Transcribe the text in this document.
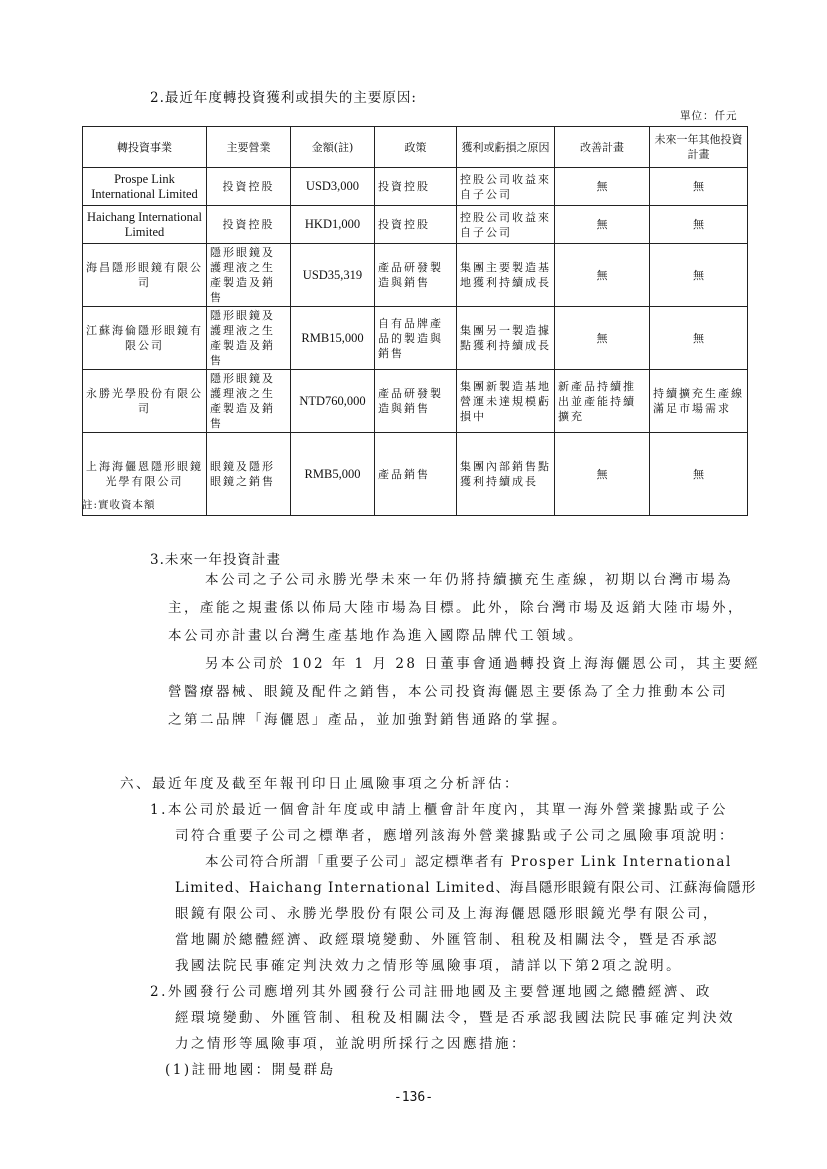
2.最近年度轉投資獲利或損失的主要原因:
單位：仟元
轉投資事業	主要營業	金額(註)	政策	獲利或虧損之原因	改善計畫	未來一年其他投資計畫
Prospe Link International Limited	投資控股	USD3,000	投資控股	控股公司收益來自子公司	無	無
Haichang International Limited	投資控股	HKD1,000	投資控股	控股公司收益來自子公司	無	無
海昌隱形眼鏡有限公司	隱形眼鏡及護理液之生產製造及銷售	USD35,319	產品研發製造與銷售	集團主要製造基地獲利持續成長	無	無
江蘇海倫隱形眼鏡有限公司	隱形眼鏡及護理液之生產製造及銷售	RMB15,000	自有品牌產品的製造與銷售	集團另一製造據點獲利持續成長	無	無
永勝光學股份有限公司	隱形眼鏡及護理液之生產製造及銷售	NTD760,000	產品研發製造與銷售	集團新製造基地營運未達規模虧損中	新產品持續推出並產能持續擴充	持續擴充生產線滿足市場需求
上海海儷恩隱形眼鏡光學有限公司	眼鏡及隱形眼鏡之銷售	RMB5,000	產品銷售	集團內部銷售點獲利持續成長	無	無
註:實收資本額
3.未來一年投資計畫
本公司之子公司永勝光學未來一年仍將持續擴充生產線，初期以台灣市場為
主，產能之規畫係以佈局大陸市場為目標。此外，除台灣市場及返銷大陸市場外，
本公司亦計畫以台灣生產基地作為進入國際品牌代工領域。
另本公司於 102 年 1 月 28 日董事會通過轉投資上海海儷恩公司，其主要經
營醫療器械、眼鏡及配件之銷售，本公司投資海儷恩主要係為了全力推動本公司
之第二品牌「海儷恩」產品，並加強對銷售通路的掌握。
六、最近年度及截至年報刊印日止風險事項之分析評估：
1.本公司於最近一個會計年度或申請上櫃會計年度內，其單一海外營業據點或子公
司符合重要子公司之標準者，應增列該海外營業據點或子公司之風險事項說明：
本公司符合所謂「重要子公司」認定標準者有 Prosper Link International
Limited、Haichang International Limited、海昌隱形眼鏡有限公司、江蘇海倫隱形
眼鏡有限公司、永勝光學股份有限公司及上海海儷恩隱形眼鏡光學有限公司，
當地關於總體經濟、政經環境變動、外匯管制、租稅及相關法令，暨是否承認
我國法院民事確定判決效力之情形等風險事項，請詳以下第2項之說明。
2.外國發行公司應增列其外國發行公司註冊地國及主要營運地國之總體經濟、政
經環境變動、外匯管制、租稅及相關法令，暨是否承認我國法院民事確定判決效
力之情形等風險事項，並說明所採行之因應措施：
(1)註冊地國：開曼群島
-136-
